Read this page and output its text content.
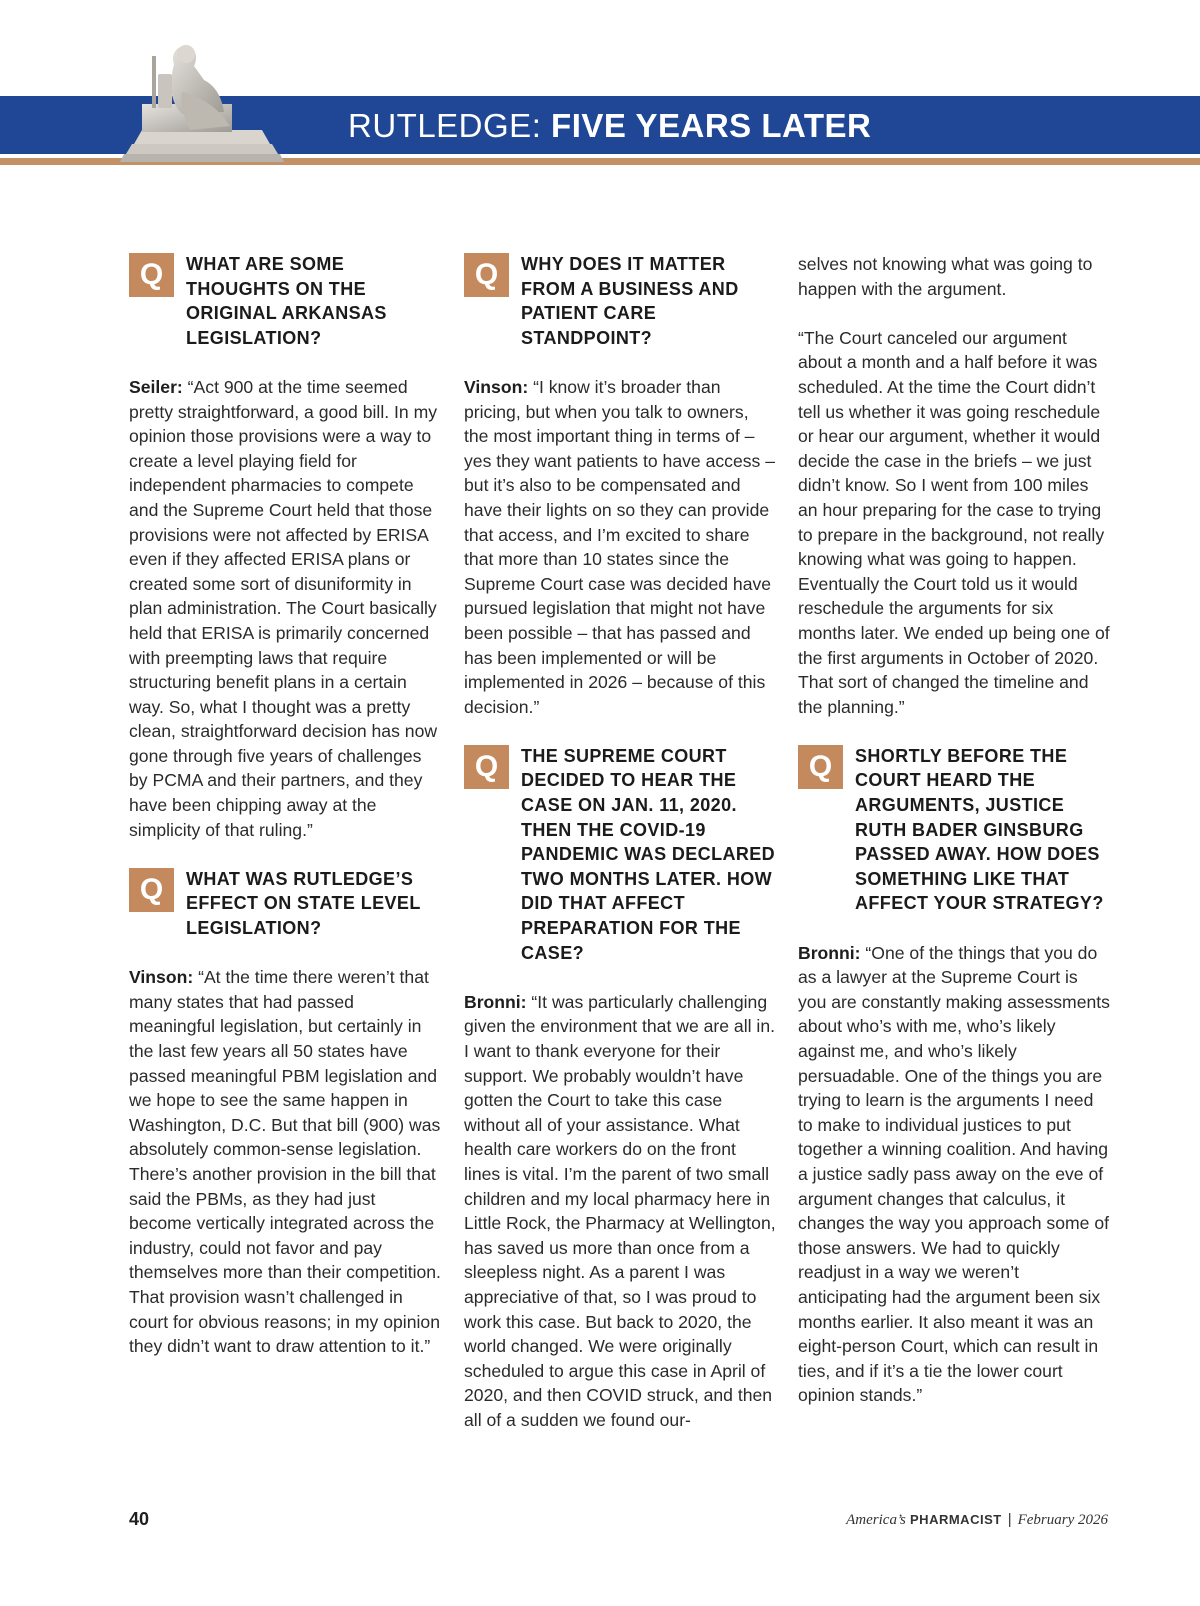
RUTLEDGE: FIVE YEARS LATER
Q	WHAT ARE SOME THOUGHTS ON THE ORIGINAL ARKANSAS LEGISLATION?

Seiler: “Act 900 at the time seemed pretty straightforward, a good bill. In my opinion those provisions were a way to create a level playing field for independent pharmacies to compete and the Supreme Court held that those provisions were not affected by ERISA even if they affected ERISA plans or created some sort of disuniformity in plan administration. The Court basically held that ERISA is primarily concerned with preempting laws that require structuring benefit plans in a certain way. So, what I thought was a pretty clean, straightforward decision has now gone through five years of challenges by PCMA and their partners, and they have been chipping away at the simplicity of that ruling.”

Q	WHAT WAS RUTLEDGE’S EFFECT ON STATE LEVEL LEGISLATION?

Vinson: “At the time there weren’t that many states that had passed meaningful legislation, but certainly in the last few years all 50 states have passed meaningful PBM legislation and we hope to see the same happen in Washington, D.C. But that bill (900) was absolutely common-sense legislation. There’s another provision in the bill that said the PBMs, as they had just become vertically integrated across the industry, could not favor and pay themselves more than their competition. That provision wasn’t challenged in court for obvious reasons; in my opinion they didn’t want to draw attention to it.”

Q	WHY DOES IT MATTER FROM A BUSINESS AND PATIENT CARE STANDPOINT?

Vinson: “I know it’s broader than pricing, but when you talk to owners, the most important thing in terms of – yes they want patients to have access – but it’s also to be compensated and have their lights on so they can provide that access, and I’m excited to share that more than 10 states since the Supreme Court case was decided have pursued legislation that might not have been possible – that has passed and has been implemented or will be implemented in 2026 – because of this decision.”

Q	THE SUPREME COURT DECIDED TO HEAR THE CASE ON JAN. 11, 2020. THEN THE COVID-19 PANDEMIC WAS DECLARED TWO MONTHS LATER. HOW DID THAT AFFECT PREPARATION FOR THE CASE?

Bronni: “It was particularly challenging given the environment that we are all in. I want to thank everyone for their support. We probably wouldn’t have gotten the Court to take this case without all of your assistance. What health care workers do on the front lines is vital. I’m the parent of two small children and my local pharmacy here in Little Rock, the Pharmacy at Wellington, has saved us more than once from a sleepless night. As a parent I was appreciative of that, so I was proud to work this case. But back to 2020, the world changed. We were originally scheduled to argue this case in April of 2020, and then COVID struck, and then all of a sudden we found our-

selves not knowing what was going to happen with the argument.

“The Court canceled our argument about a month and a half before it was scheduled. At the time the Court didn’t tell us whether it was going reschedule or hear our argument, whether it would decide the case in the briefs – we just didn’t know. So I went from 100 miles an hour preparing for the case to trying to prepare in the background, not really knowing what was going to happen. Eventually the Court told us it would reschedule the arguments for six months later. We ended up being one of the first arguments in October of 2020. That sort of changed the timeline and the planning.”

Q	SHORTLY BEFORE THE COURT HEARD THE ARGUMENTS, JUSTICE RUTH BADER GINSBURG PASSED AWAY. HOW DOES SOMETHING LIKE THAT AFFECT YOUR STRATEGY?

Bronni: “One of the things that you do as a lawyer at the Supreme Court is you are constantly making assessments about who’s with me, who’s likely against me, and who’s likely persuadable. One of the things you are trying to learn is the arguments I need to make to individual justices to put together a winning coalition. And having a justice sadly pass away on the eve of argument changes that calculus, it changes the way you approach some of those answers. We had to quickly readjust in a way we weren’t anticipating had the argument been six months earlier. It also meant it was an eight-person Court, which can result in ties, and if it’s a tie the lower court opinion stands.”

40	America’s PHARMACIST | February 2026
